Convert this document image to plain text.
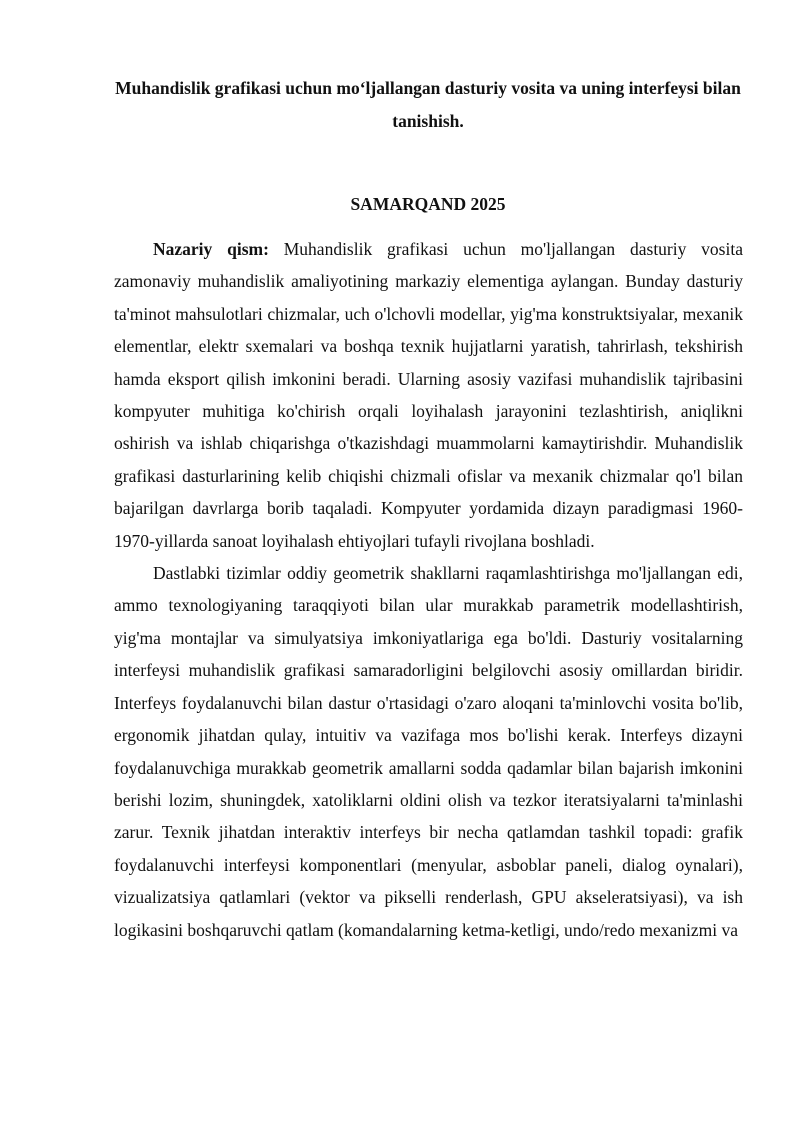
Muhandislik grafikasi uchun mo‘ljallangan dasturiy vosita va uning interfeysi bilan tanishish.
SAMARQAND 2025

Nazariy qism: Muhandislik grafikasi uchun mo'ljallangan dasturiy vosita zamonaviy muhandislik amaliyotining markaziy elementiga aylangan. Bunday dasturiy ta'minot mahsulotlari chizmalar, uch o'lchovli modellar, yig'ma konstruktsiyalar, mexanik elementlar, elektr sxemalari va boshqa texnik hujjatlarni yaratish, tahrirlash, tekshirish hamda eksport qilish imkonini beradi. Ularning asosiy vazifasi muhandislik tajribasini kompyuter muhitiga ko'chirish orqali loyihalash jarayonini tezlashtirish, aniqlikni oshirish va ishlab chiqarishga o'tkazishdagi muammolarni kamaytirishdir. Muhandislik grafikasi dasturlarining kelib chiqishi chizmali ofislar va mexanik chizmalar qo'l bilan bajarilgan davrlarga borib taqaladi. Kompyuter yordamida dizayn paradigmasi 1960-1970-yillarda sanoat loyihalash ehtiyojlari tufayli rivojlana boshladi.

Dastlabki tizimlar oddiy geometrik shakllarni raqamlashtirishga mo'ljallangan edi, ammo texnologiyaning taraqqiyoti bilan ular murakkab parametrik modellashtirish, yig'ma montajlar va simulyatsiya imkoniyatlariga ega bo'ldi. Dasturiy vositalarning interfeysi muhandislik grafikasi samaradorligini belgilovchi asosiy omillardan biridir. Interfeys foydalanuvchi bilan dastur o'rtasidagi o'zaro aloqani ta'minlovchi vosita bo'lib, ergonomik jihatdan qulay, intuitiv va vazifaga mos bo'lishi kerak. Interfeys dizayni foydalanuvchiga murakkab geometrik amallarni sodda qadamlar bilan bajarish imkonini berishi lozim, shuningdek, xatoliklarni oldini olish va tezkor iteratsiyalarni ta'minlashi zarur. Texnik jihatdan interaktiv interfeys bir necha qatlamdan tashkil topadi: grafik foydalanuvchi interfeysi komponentlari (menyular, asboblar paneli, dialog oynalari), vizualizatsiya qatlamlari (vektor va pikselli renderlash, GPU akseleratsiyasi), va ish logikasini boshqaruvchi qatlam (komandalarning ketma-ketligi, undo/redo mexanizmi va
